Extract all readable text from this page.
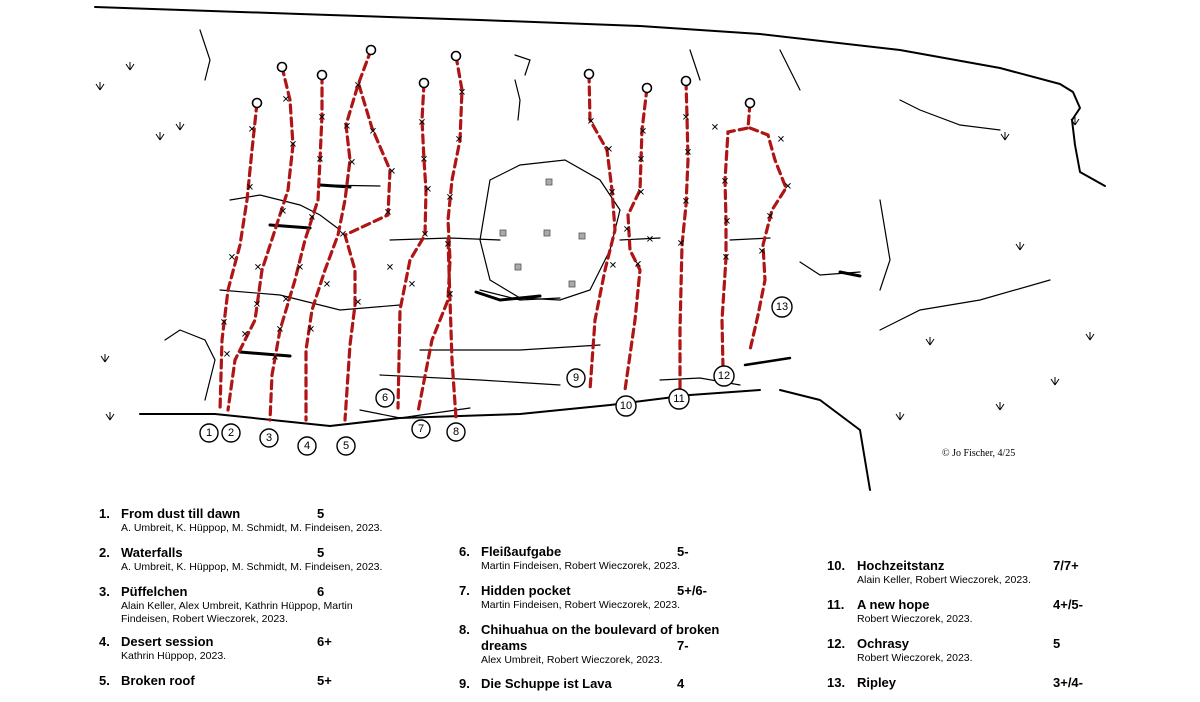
✕
✕
✕
✕
✕
✕
✕
✕
✕
✕
✕
✕
✕
✕
✕
✕
✕
✕
✕
✕
✕
✕
✕
✕
✕
✕
✕
✕
✕
✕
✕
✕
✕
✕
✕
✕
✕
✕
✕
✕
✕
✕
✕
✕
✕
✕
✕
✕
✕
✕
✕
✕
✕
✕
✕
✕
✕
✕
✕
✕
✕
1 2	3
4	5
6
7	8
9
10
11
12
13
© Jo Fischer, 4/25
1. From dust till dawn	5
A. Umbreit, K. Hüppop, M. Schmidt, M. Findeisen, 2023.
2. Waterfalls	5
A. Umbreit, K. Hüppop, M. Schmidt, M. Findeisen, 2023.
3. Püffelchen	6
Alain Keller, Alex Umbreit, Kathrin Hüppop, Martin Findeisen, Robert Wieczorek, 2023.
4. Desert session	6+
Kathrin Hüppop, 2023.
5. Broken roof	5+
6. Fleißaufgabe	5-
Martin Findeisen, Robert Wieczorek, 2023.
7. Hidden pocket	5+/6-
Martin Findeisen, Robert Wieczorek, 2023.
8. Chihuahua on the boulevard of broken dreams	7-
Alex Umbreit, Robert Wieczorek, 2023.
9. Die Schuppe ist Lava	4
10. Hochzeitstanz	7/7+
Alain Keller, Robert Wieczorek, 2023.
11. A new hope	4+/5-
Robert Wieczorek, 2023.
12. Ochrasy	5
Robert Wieczorek, 2023.
13. Ripley	3+/4-
